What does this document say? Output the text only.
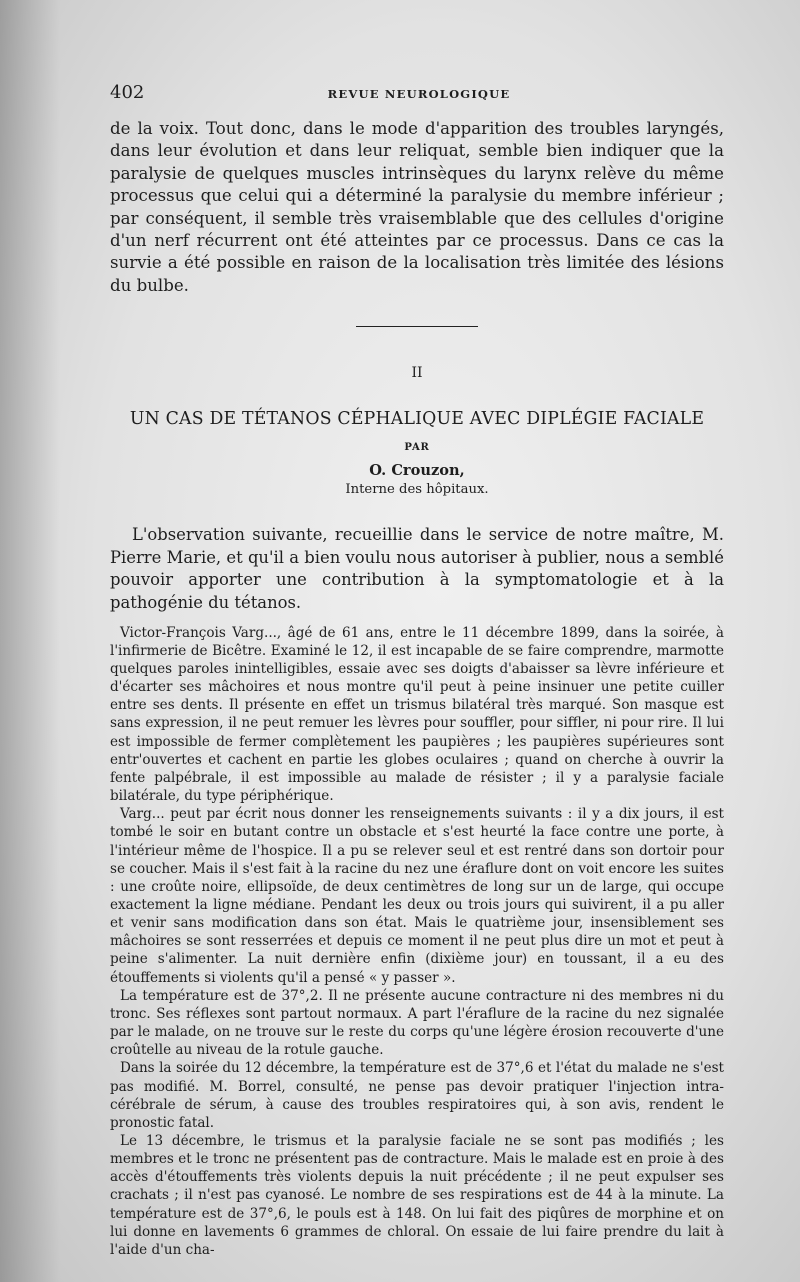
402	REVUE NEUROLOGIQUE

de la voix. Tout donc, dans le mode d'apparition des troubles laryngés, dans leur évolution et dans leur reliquat, semble bien indiquer que la paralysie de quelques muscles intrinsèques du larynx relève du même processus que celui qui a déterminé la paralysie du membre inférieur ; par conséquent, il semble très vraisemblable que des cellules d'origine d'un nerf récurrent ont été atteintes par ce processus. Dans ce cas la survie a été possible en raison de la localisation très limitée des lésions du bulbe.

II
UN CAS DE TÉTANOS CÉPHALIQUE AVEC DIPLÉGIE FACIALE
PAR
O. Crouzon,
Interne des hôpitaux.

L'observation suivante, recueillie dans le service de notre maître, M. Pierre Marie, et qu'il a bien voulu nous autoriser à publier, nous a semblé pouvoir apporter une contribution à la symptomatologie et à la pathogénie du tétanos.

Victor-François Varg..., âgé de 61 ans, entre le 11 décembre 1899, dans la soirée, à l'infirmerie de Bicêtre. Examiné le 12, il est incapable de se faire comprendre, marmotte quelques paroles inintelligibles, essaie avec ses doigts d'abaisser sa lèvre inférieure et d'écarter ses mâchoires et nous montre qu'il peut à peine insinuer une petite cuiller entre ses dents. Il présente en effet un trismus bilatéral très marqué. Son masque est sans expression, il ne peut remuer les lèvres pour souffler, pour siffler, ni pour rire. Il lui est impossible de fermer complètement les paupières ; les paupières supérieures sont entr'ouvertes et cachent en partie les globes oculaires ; quand on cherche à ouvrir la fente palpébrale, il est impossible au malade de résister ; il y a paralysie faciale bilatérale, du type périphérique.

Varg... peut par écrit nous donner les renseignements suivants : il y a dix jours, il est tombé le soir en butant contre un obstacle et s'est heurté la face contre une porte, à l'intérieur même de l'hospice. Il a pu se relever seul et est rentré dans son dortoir pour se coucher. Mais il s'est fait à la racine du nez une éraflure dont on voit encore les suites : une croûte noire, ellipsoïde, de deux centimètres de long sur un de large, qui occupe exactement la ligne médiane. Pendant les deux ou trois jours qui suivirent, il a pu aller et venir sans modification dans son état. Mais le quatrième jour, insensiblement ses mâchoires se sont resserrées et depuis ce moment il ne peut plus dire un mot et peut à peine s'alimenter. La nuit dernière enfin (dixième jour) en toussant, il a eu des étouffements si violents qu'il a pensé « y passer ».

La température est de 37°,2. Il ne présente aucune contracture ni des membres ni du tronc. Ses réflexes sont partout normaux. A part l'éraflure de la racine du nez signalée par le malade, on ne trouve sur le reste du corps qu'une légère érosion recouverte d'une croûtelle au niveau de la rotule gauche.

Dans la soirée du 12 décembre, la température est de 37°,6 et l'état du malade ne s'est pas modifié. M. Borrel, consulté, ne pense pas devoir pratiquer l'injection intra-cérébrale de sérum, à cause des troubles respiratoires qui, à son avis, rendent le pronostic fatal.

Le 13 décembre, le trismus et la paralysie faciale ne se sont pas modifiés ; les membres et le tronc ne présentent pas de contracture. Mais le malade est en proie à des accès d'étouffements très violents depuis la nuit précédente ; il ne peut expulser ses crachats ; il n'est pas cyanosé. Le nombre de ses respirations est de 44 à la minute. La température est de 37°,6, le pouls est à 148. On lui fait des piqûres de morphine et on lui donne en lavements 6 grammes de chloral. On essaie de lui faire prendre du lait à l'aide d'un cha-
